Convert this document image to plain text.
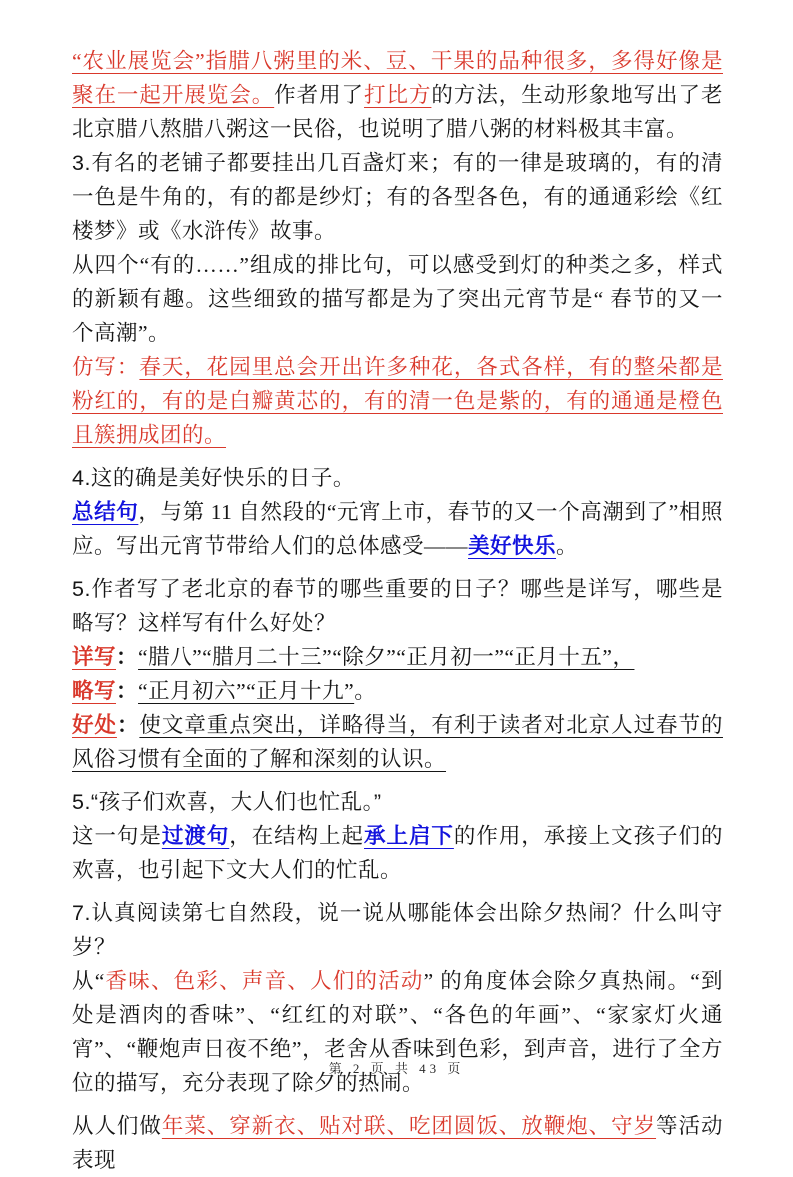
“农业展览会”指腊八粥里的米、豆、干果的品种很多，多得好像是聚在一起开展览会。作者用了打比方的方法，生动形象地写出了老北京腊八熬腊八粥这一民俗，也说明了腊八粥的材料极其丰富。

3.有名的老铺子都要挂出几百盏灯来；有的一律是玻璃的，有的清一色是牛角的，有的都是纱灯；有的各型各色，有的通通彩绘《红楼梦》或《水浒传》故事。

从四个“有的……”组成的排比句，可以感受到灯的种类之多，样式的新颖有趣。这些细致的描写都是为了突出元宵节是“ 春节的又一个高潮”。

仿写：春天，花园里总会开出许多种花，各式各样，有的整朵都是粉红的，有的是白瓣黄芯的，有的清一色是紫的，有的通通是橙色且簇拥成团的。

4.这的确是美好快乐的日子。

总结句，与第 11 自然段的“元宵上市，春节的又一个高潮到了”相照应。写出元宵节带给人们的总体感受——美好快乐。

5.作者写了老北京的春节的哪些重要的日子？哪些是详写，哪些是略写？这样写有什么好处？

详写：“腊八”“腊月二十三”“除夕”“正月初一”“正月十五”，

略写：“正月初六”“正月十九”。

好处：使文章重点突出，详略得当，有利于读者对北京人过春节的风俗习惯有全面的了解和深刻的认识。

5.“孩子们欢喜，大人们也忙乱。”

这一句是过渡句，在结构上起承上启下的作用，承接上文孩子们的欢喜，也引起下文大人们的忙乱。

7.认真阅读第七自然段，说一说从哪能体会出除夕热闹？什么叫守岁？

从“香味、色彩、声音、人们的活动” 的角度体会除夕真热闹。“到处是酒肉的香味”、“红红的对联”、“各色的年画”、“家家灯火通宵”、“鞭炮声日夜不绝”，老舍从香味到色彩，到声音，进行了全方位的描写，充分表现了除夕的热闹。

从人们做年菜、穿新衣、贴对联、吃团圆饭、放鞭炮、守岁等活动表现

第 2 页 共 43 页
